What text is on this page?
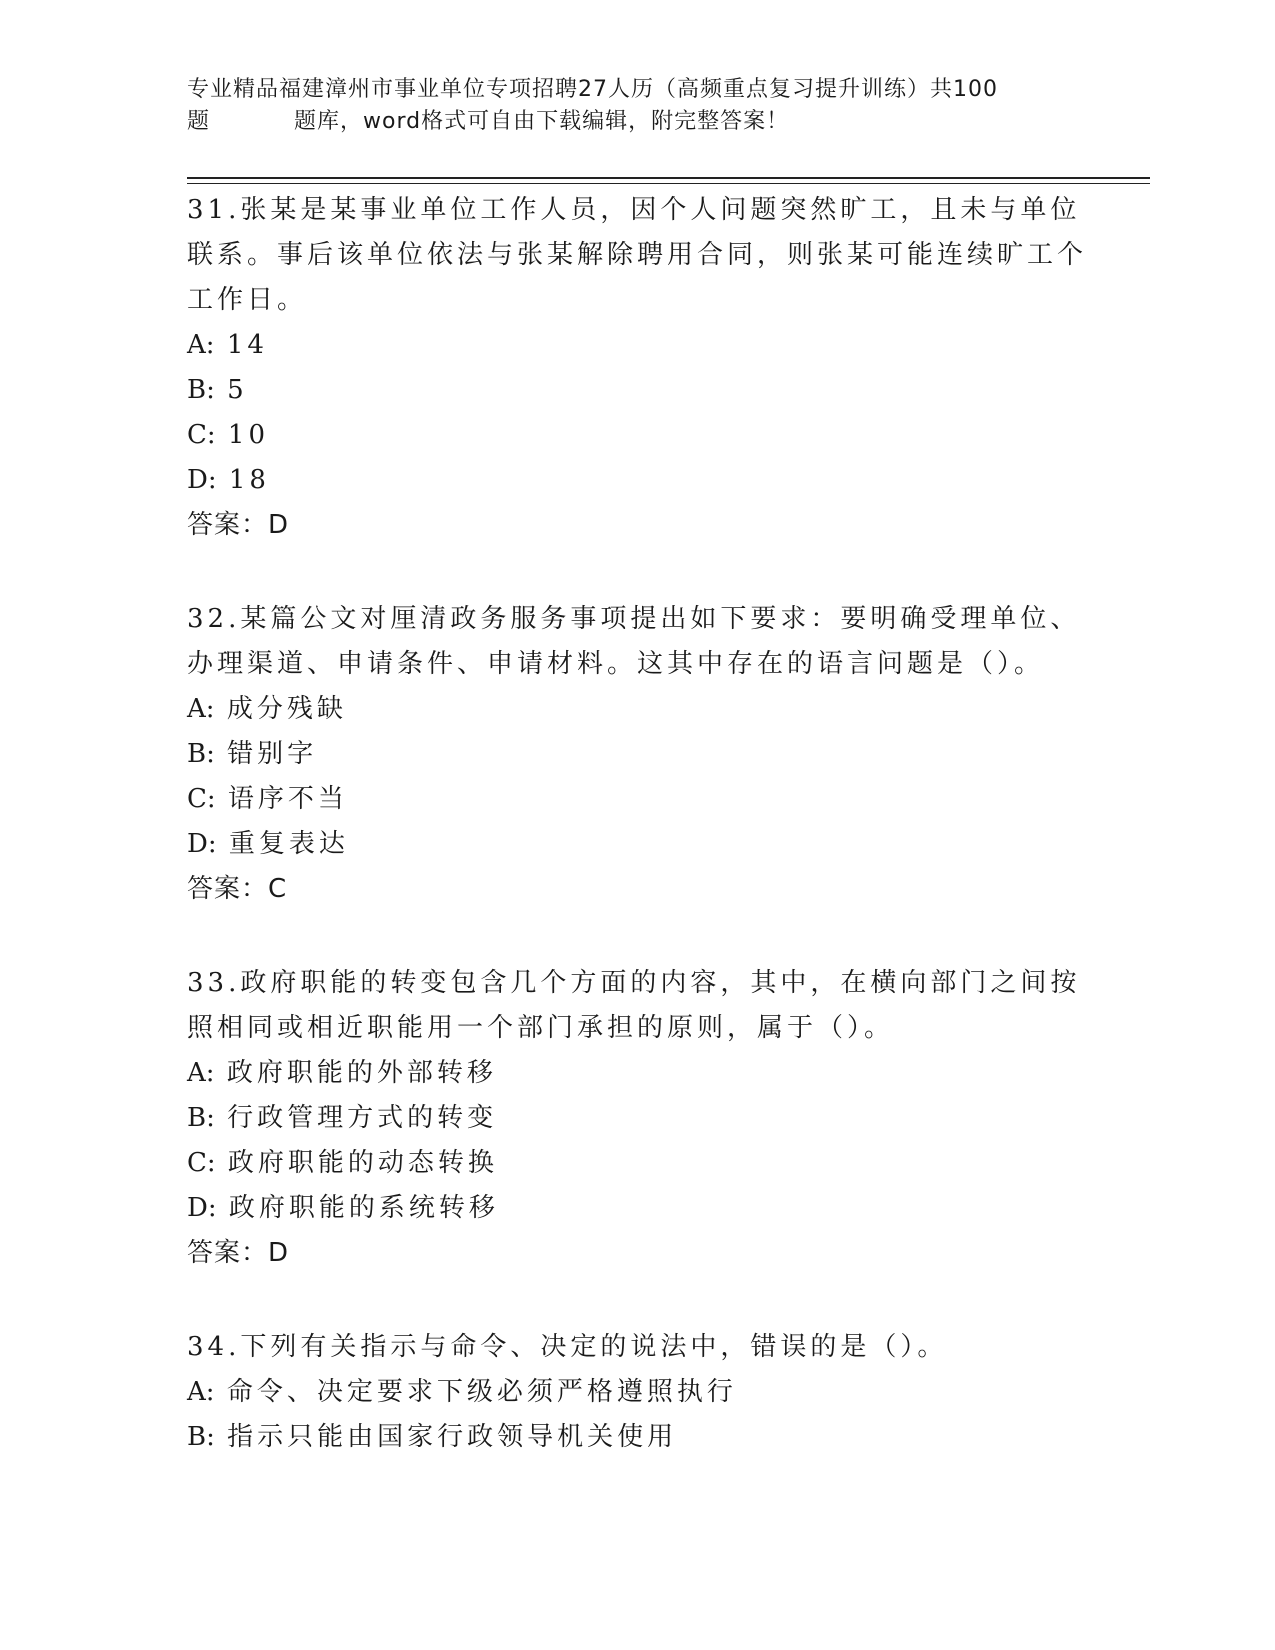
专业精品福建漳州市事业单位专项招聘27人历（高频重点复习提升训练）共100
题	题库，word格式可自由下载编辑，附完整答案！

31.张某是某事业单位工作人员，因个人问题突然旷工，且未与单位联系。事后该单位依法与张某解除聘用合同，则张某可能连续旷工个工作日。

A: 14

B: 5

C: 10

D: 18

答案：D

32.某篇公文对厘清政务服务事项提出如下要求：要明确受理单位、办理渠道、申请条件、申请材料。这其中存在的语言问题是（）。

A: 成分残缺

B: 错别字

C: 语序不当

D: 重复表达

答案：C

33.政府职能的转变包含几个方面的内容，其中，在横向部门之间按照相同或相近职能用一个部门承担的原则，属于（）。

A: 政府职能的外部转移

B: 行政管理方式的转变

C: 政府职能的动态转换

D: 政府职能的系统转移

答案：D

34.下列有关指示与命令、决定的说法中，错误的是（）。

A: 命令、决定要求下级必须严格遵照执行

B: 指示只能由国家行政领导机关使用
